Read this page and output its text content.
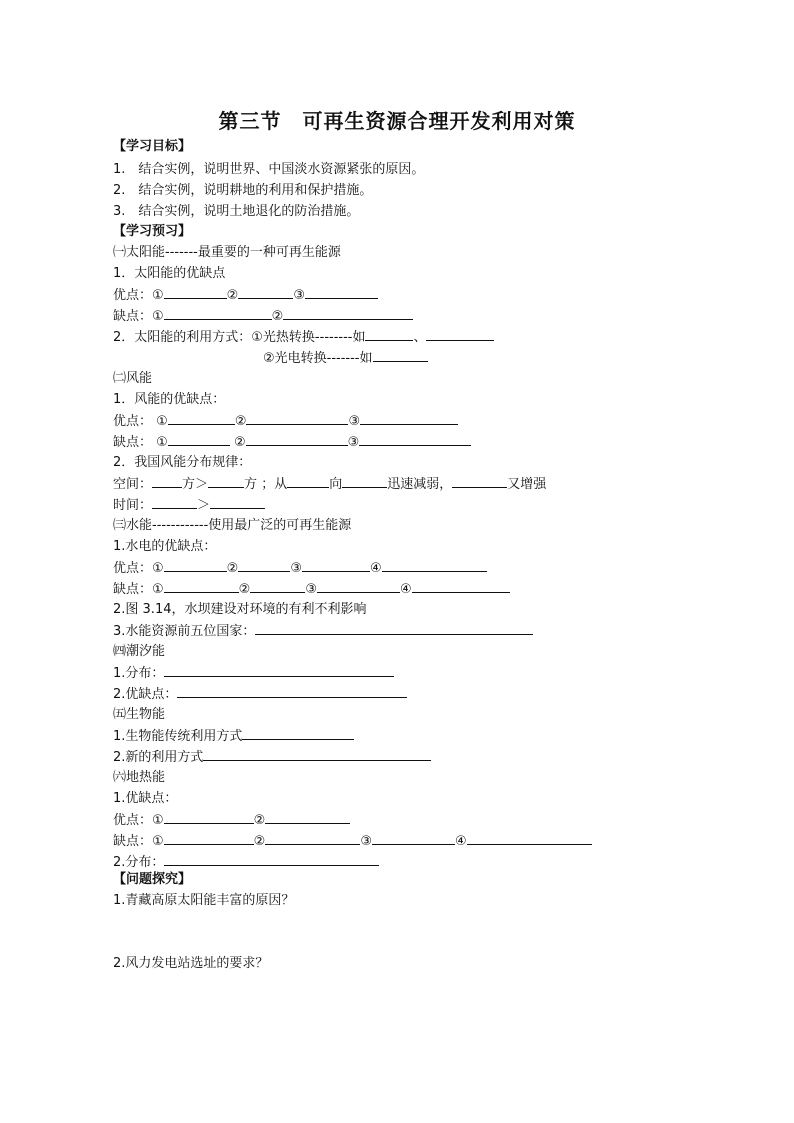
第三节　可再生资源合理开发利用对策
【学习目标】
1.　结合实例，说明世界、中国淡水资源紧张的原因。
2.　结合实例，说明耕地的利用和保护措施。
3.　结合实例，说明土地退化的防治措施。
【学习预习】
㈠太阳能-------最重要的一种可再生能源
1．太阳能的优缺点
优点：①	②	③
缺点：①	②
2．太阳能的利用方式：①光热转换--------如	、
②光电转换-------如
㈡风能
1．风能的优缺点：
优点： ①	②	③
缺点： ①	②	③
2．我国风能分布规律：
空间： 方＞	方 ；从	向	迅速减弱，	又增强
时间：	＞
㈢水能------------使用最广泛的可再生能源
1.水电的优缺点：
优点：①	②	③	④
缺点：①	②	③	④
2.图 3.14，水坝建设对环境的有利不利影响
3.水能资源前五位国家：
㈣潮汐能
1.分布：
2.优缺点：
㈤生物能
1.生物能传统利用方式
2.新的利用方式
㈥地热能
1.优缺点：
优点：①	②
缺点：①	②	③	④
2.分布：
【问题探究】
1.青藏高原太阳能丰富的原因？
2.风力发电站选址的要求？
